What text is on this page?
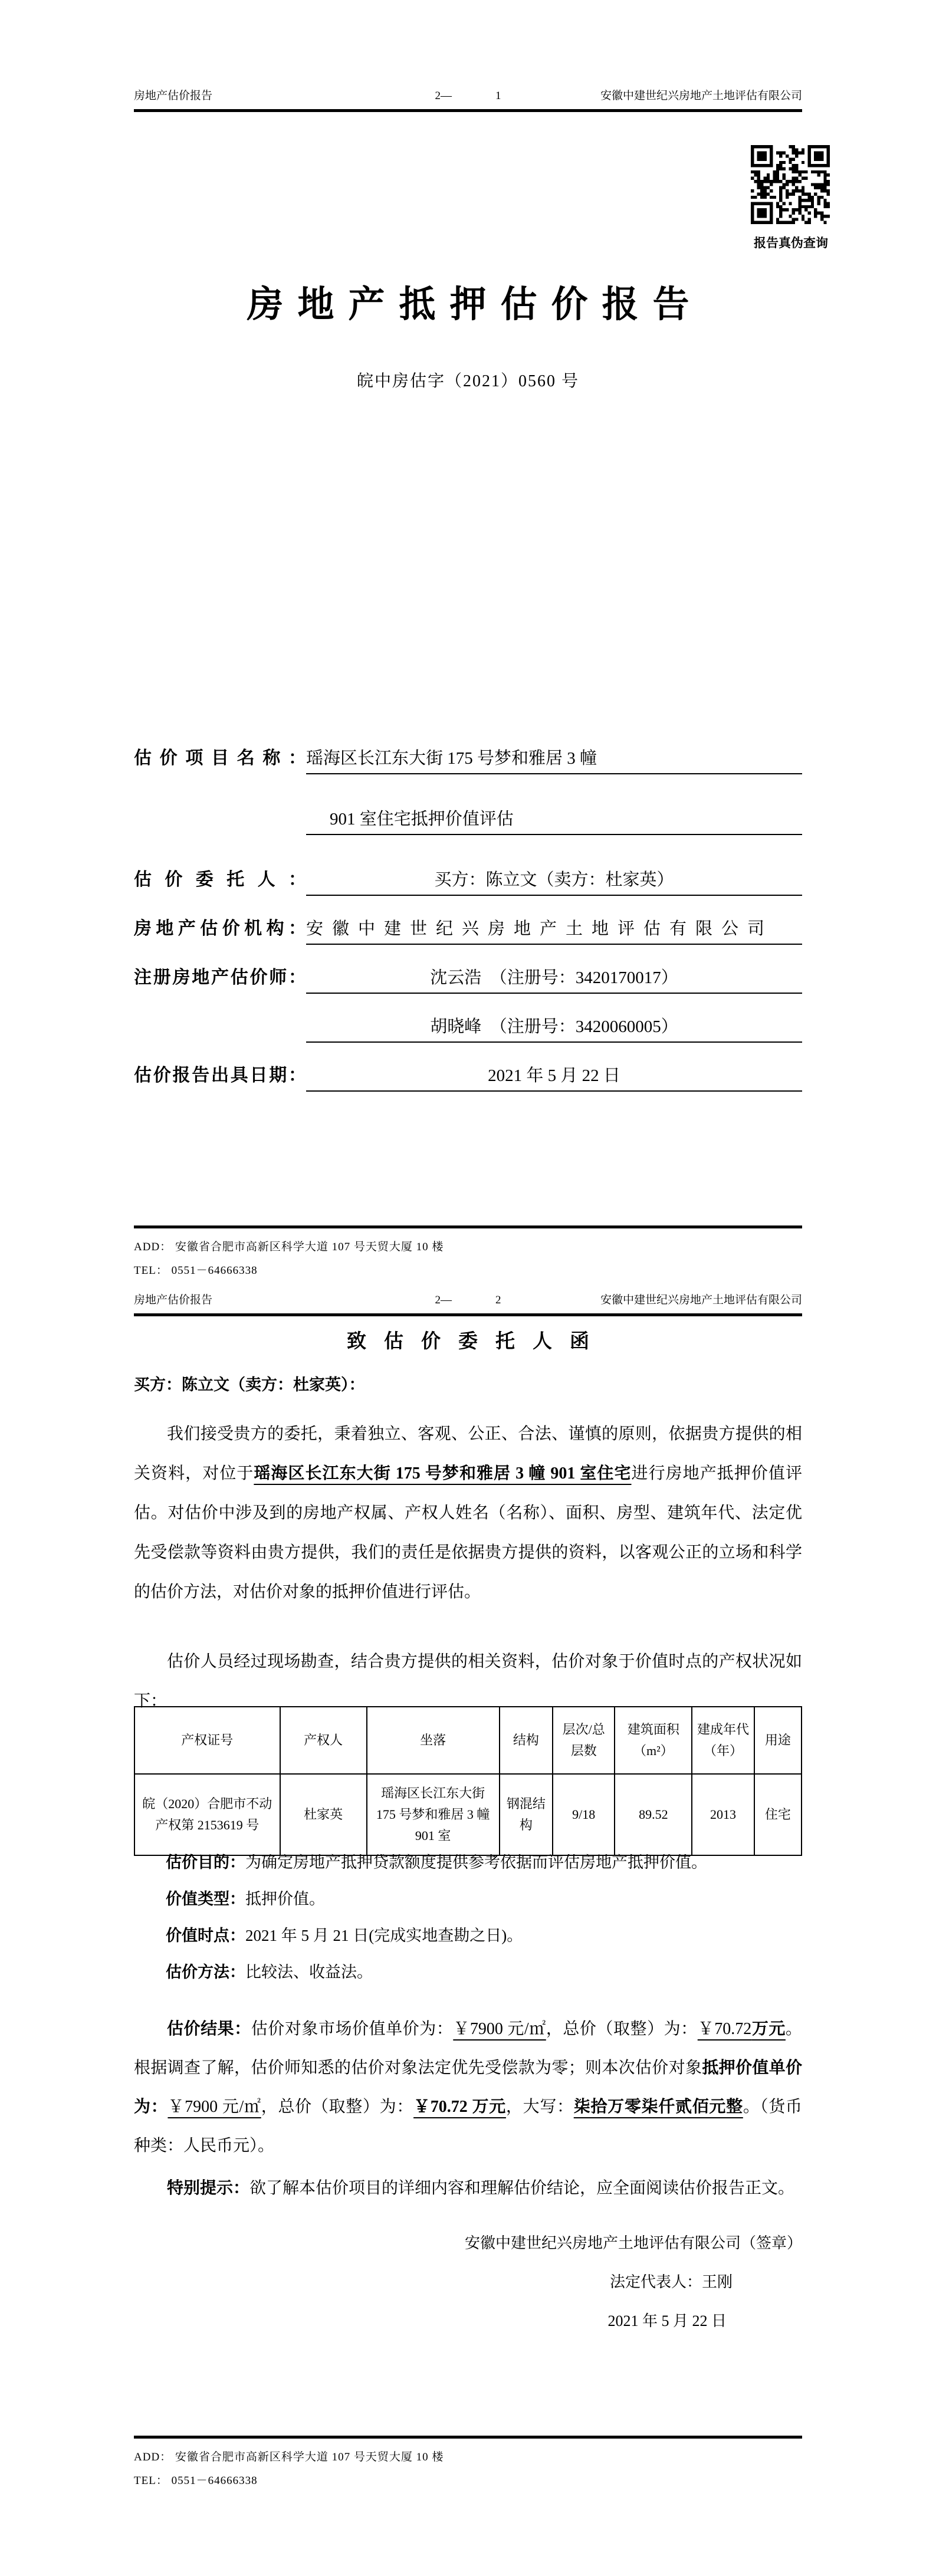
房地产估价报告	2—	1	安徽中建世纪兴房地产土地评估有限公司
报告真伪查询
房地产抵押估价报告
皖中房估字（2021）0560 号
估价项目名称： 瑶海区长江东大街 175 号梦和雅居 3 幢
901 室住宅抵押价值评估
估价委托人：	买方：陈立文（卖方：杜家英）
房地产估价机构： 安徽中建世纪兴房地产土地评估有限公司
注册房地产估价师：	沈云浩　（注册号：3420170017）
胡晓峰　（注册号：3420060005）
估价报告出具日期：	2021 年 5 月 22 日
ADD： 安徽省合肥市高新区科学大道 107 号天贸大厦 10 楼
TEL： 0551－64666338
房地产估价报告	2—	2	安徽中建世纪兴房地产土地评估有限公司
致估价委托人函
买方：陈立文（卖方：杜家英）：

我们接受贵方的委托，秉着独立、客观、公正、合法、谨慎的原则，依据贵方提供的相关资料，对位于瑶海区长江东大街 175 号梦和雅居 3 幢 901 室住宅进行房地产抵押价值评估。对估价中涉及到的房地产权属、产权人姓名（名称）、面积、房型、建筑年代、法定优先受偿款等资料由贵方提供，我们的责任是依据贵方提供的资料，以客观公正的立场和科学的估价方法，对估价对象的抵押价值进行评估。

估价人员经过现场勘查，结合贵方提供的相关资料，估价对象于价值时点的产权状况如下：

产权证号	产权人	坐落	结构	层次/总层数	建筑面积（m²）	建成年代（年）	用途
皖（2020）合肥市不动产权第 2153619 号	杜家英	瑶海区长江东大街 175 号梦和雅居 3 幢 901 室	钢混结构	9/18	89.52	2013	住宅

估价目的：为确定房地产抵押贷款额度提供参考依据而评估房地产抵押价值。

价值类型：抵押价值。

价值时点：2021 年 5 月 21 日(完成实地查勘之日)。

估价方法：比较法、收益法。

估价结果：估价对象市场价值单价为：￥7900 元/㎡，总价（取整）为：￥70.72万元。根据调查了解，估价师知悉的估价对象法定优先受偿款为零；则本次估价对象抵押价值单价为：￥7900 元/㎡，总价（取整）为：￥70.72 万元，大写：柒拾万零柒仟贰佰元整。（货币种类：人民币元）。

特别提示：欲了解本估价项目的详细内容和理解估价结论，应全面阅读估价报告正文。

安徽中建世纪兴房地产土地评估有限公司（签章）
法定代表人：王刚
2021 年 5 月 22 日
ADD： 安徽省合肥市高新区科学大道 107 号天贸大厦 10 楼
TEL： 0551－64666338
